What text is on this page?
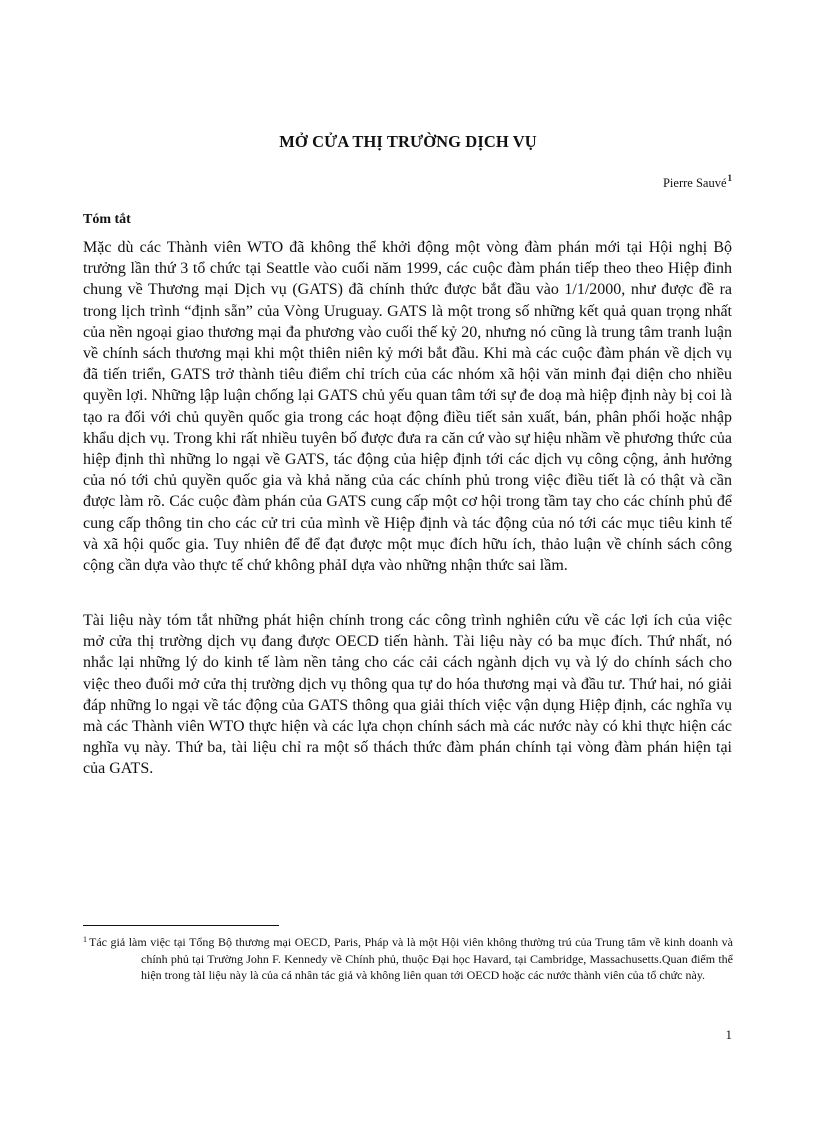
MỞ CỬA THỊ TRƯỜNG DỊCH VỤ
Pierre Sauvé$^1$
Tóm tắt

Mặc dù các Thành viên WTO đã không thể khởi động một vòng đàm phán mới tại Hội nghị Bộ trưởng lần thứ 3 tổ chức tại Seattle vào cuối năm 1999, các cuộc đàm phán tiếp theo theo Hiệp đinh chung về Thương mại Dịch vụ (GATS) đã chính thức được bắt đầu vào 1/1/2000, như được đề ra trong lịch trình “định sẵn” của Vòng Uruguay. GATS là một trong số những kết quả quan trọng nhất của nền ngoại giao thương mại đa phương vào cuối thế kỷ 20, nhưng nó cũng là trung tâm tranh luận về chính sách thương mại khi một thiên niên kỷ mới bắt đầu. Khi mà các cuộc đàm phán về dịch vụ đã tiến triển, GATS trở thành tiêu điểm chỉ trích của các nhóm xã hội văn minh đại diện cho nhiều quyền lợi. Những lập luận chống lại GATS chủ yếu quan tâm tới sự đe doạ mà hiệp định này bị coi là tạo ra đối với chủ quyền quốc gia trong các hoạt động điều tiết sản xuất, bán, phân phối hoặc nhập khẩu dịch vụ. Trong khi rất nhiều tuyên bố được đưa ra căn cứ vào sự hiệu nhầm về phương thức của hiệp định thì những lo ngại về GATS, tác động của hiệp định tới các dịch vụ công cộng, ảnh hưởng của nó tới chủ quyền quốc gia và khả năng của các chính phủ trong việc điều tiết là có thật và cần được làm rõ. Các cuộc đàm phán của GATS cung cấp một cơ hội trong tầm tay cho các chính phủ để cung cấp thông tin cho các cử tri của mình về Hiệp định và tác động của nó tới các mục tiêu kinh tế và xã hội quốc gia. Tuy nhiên để để đạt được một mục đích hữu ích, thảo luận về chính sách công cộng cần dựa vào thực tế chứ không phảI dựa vào những nhận thức sai lầm.

Tài liệu này tóm tắt những phát hiện chính trong các công trình nghiên cứu về các lợi ích của việc mở cửa thị trường dịch vụ đang được OECD tiến hành. Tài liệu này có ba mục đích. Thứ nhất, nó nhắc lại những lý do kinh tế làm nền tảng cho các cải cách ngành dịch vụ và lý do chính sách cho việc theo đuổi mở cửa thị trường dịch vụ thông qua tự do hóa thương mại và đầu tư. Thứ hai, nó giải đáp những lo ngại về tác động của GATS thông qua giải thích việc vận dụng Hiệp định, các nghĩa vụ mà các Thành viên WTO thực hiện và các lựa chọn chính sách mà các nước này có khi thực hiện các nghĩa vụ này. Thứ ba, tài liệu chỉ ra một số thách thức đàm phán chính tại vòng đàm phán hiện tại của GATS.

1 Tác giả làm việc tại Tổng Bộ thương mại OECD, Paris, Pháp và là một Hội viên không thường trú của Trung tâm về kinh doanh và chính phủ tại Trường John F. Kennedy về Chính phủ, thuộc Đại học Havard, tại Cambridge, Massachusetts.Quan điểm thể hiện trong tàI liệu này là của cá nhân tác giả và không liên quan tới OECD hoặc các nước thành viên của tổ chức này.
1
